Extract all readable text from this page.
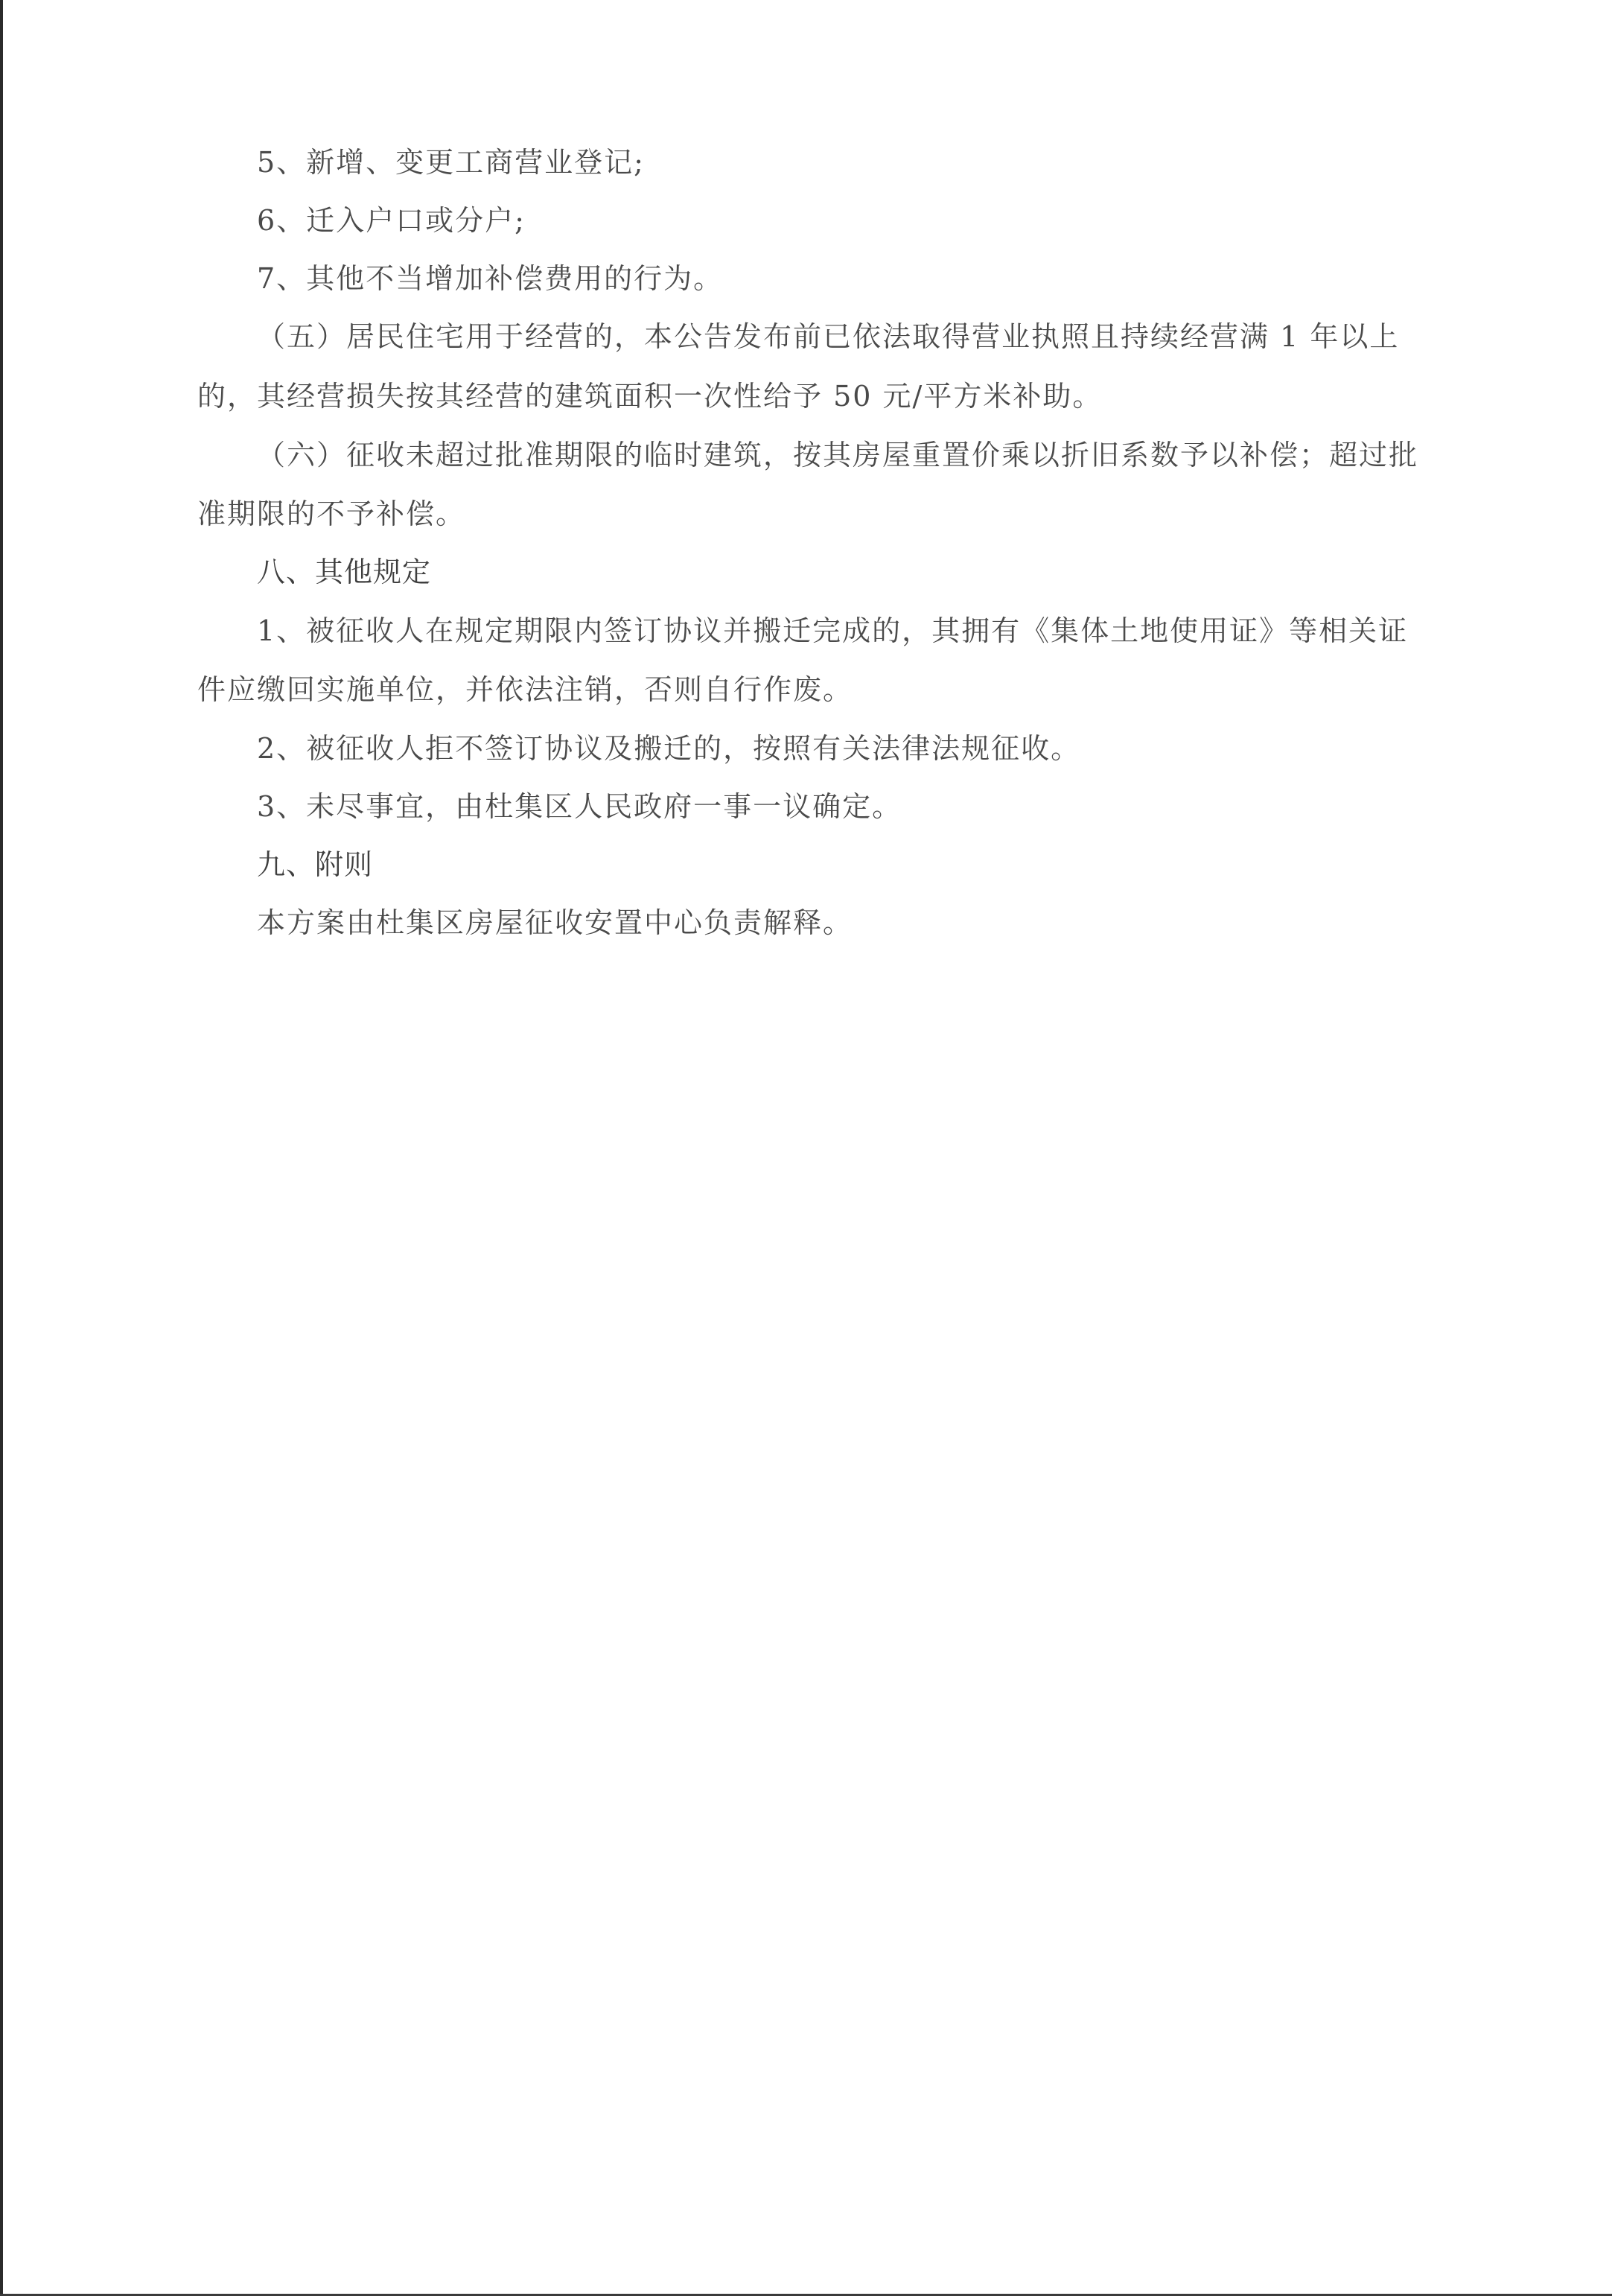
5、新增、变更工商营业登记;
6、迁入户口或分户;
7、其他不当增加补偿费用的行为。
（五）居民住宅用于经营的，本公告发布前已依法取得营业执照且持续经营满 1 年以上
的，其经营损失按其经营的建筑面积一次性给予 50 元/平方米补助。
（六）征收未超过批准期限的临时建筑，按其房屋重置价乘以折旧系数予以补偿；超过批
准期限的不予补偿。
八、其他规定
1、被征收人在规定期限内签订协议并搬迁完成的，其拥有《集体土地使用证》等相关证
件应缴回实施单位，并依法注销，否则自行作废。
2、被征收人拒不签订协议及搬迁的，按照有关法律法规征收。
3、未尽事宜，由杜集区人民政府一事一议确定。
九、附则
本方案由杜集区房屋征收安置中心负责解释。
